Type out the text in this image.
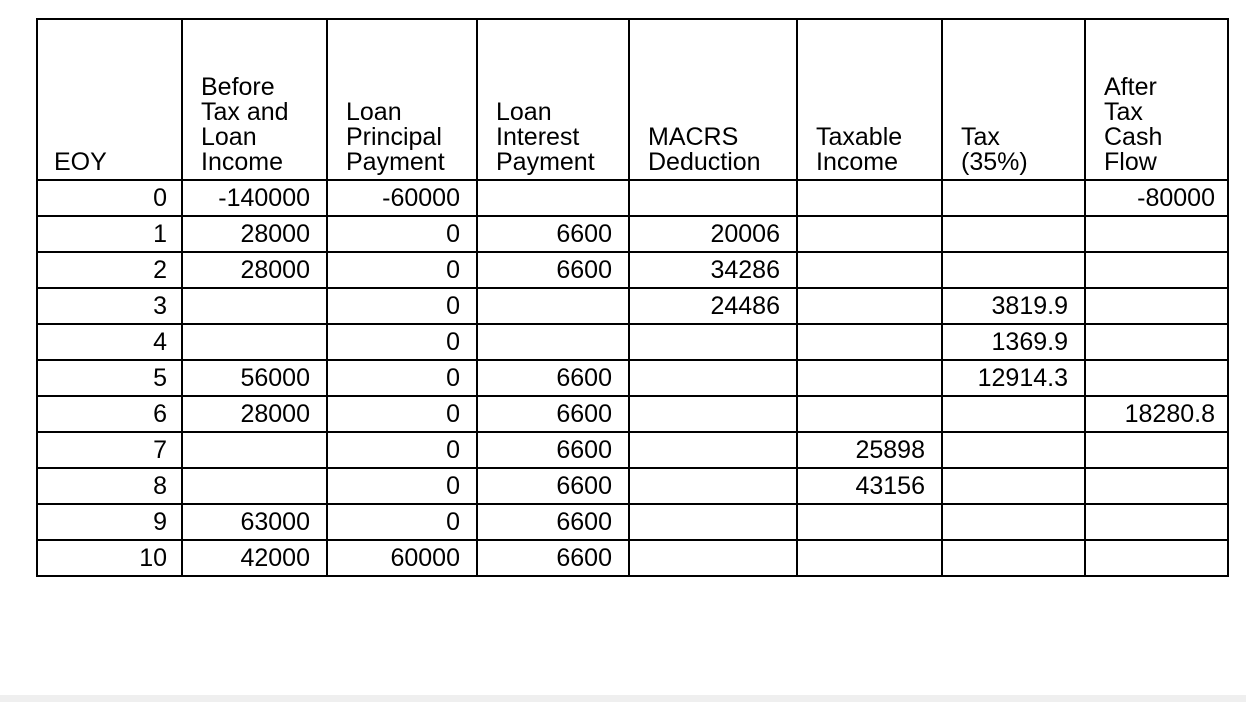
EOY	Before
Tax and
Loan
Income	Loan
Principal
Payment	Loan
Interest
Payment	MACRS
Deduction	Taxable
Income	Tax
(35%)	After
Tax
Cash
Flow

0	-140000	-60000					-80000
1	28000	0	6600	20006			
2	28000	0	6600	34286			
3		0		24486		3819.9	
4		0				1369.9	
5	56000	0	6600			12914.3	
6	28000	0	6600				18280.8
7		0	6600		25898		
8		0	6600		43156		
9	63000	0	6600				
10	42000	60000	6600				
